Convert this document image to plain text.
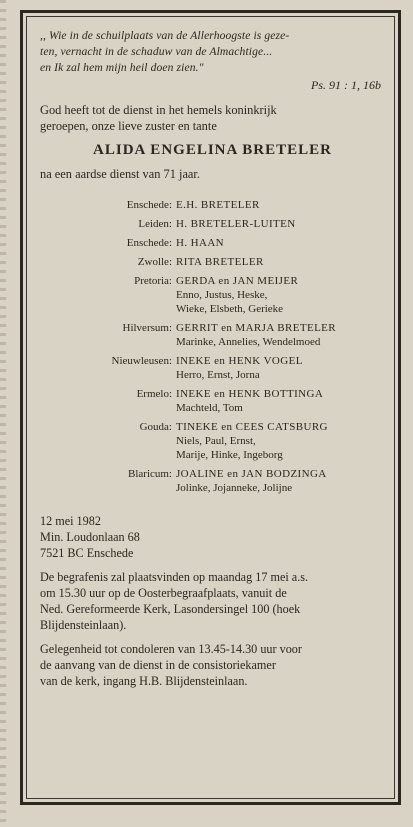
,, Wie in de schuilplaats van de Allerhoogste is geze-
ten, vernacht in de schaduw van de Almachtige...
en Ik zal hem mijn heil doen zien."
Ps. 91 : 1, 16b
God heeft tot de dienst in het hemels koninkrijk
geroepen, onze lieve zuster en tante
ALIDA ENGELINA BRETELER
na een aardse dienst van 71 jaar.
Enschede: E.H. BRETELER
Leiden: H. BRETELER-LUITEN
Enschede: H. HAAN
Zwolle: RITA BRETELER
Pretoria: GERDA en JAN MEIJER
Enno, Justus, Heske,
Wieke, Elsbeth, Gerieke
Hilversum: GERRIT en MARJA BRETELER
Marinke, Annelies, Wendelmoed
Nieuwleusen: INEKE en HENK VOGEL
Herro, Ernst, Jorna
Ermelo: INEKE en HENK BOTTINGA
Machteld, Tom
Gouda: TINEKE en CEES CATSBURG
Niels, Paul, Ernst,
Marije, Hinke, Ingeborg
Blaricum: JOALINE en JAN BODZINGA
Jolinke, Jojanneke, Jolijne
12 mei 1982
Min. Loudonlaan 68
7521 BC Enschede
De begrafenis zal plaatsvinden op maandag 17 mei a.s.
om 15.30 uur op de Oosterbegraafplaats, vanuit de
Ned. Gereformeerde Kerk, Lasondersingel 100 (hoek
Blijdensteinlaan).
Gelegenheid tot condoleren van 13.45-14.30 uur voor
de aanvang van de dienst in de consistoriekamer
van de kerk, ingang H.B. Blijdensteinlaan.
